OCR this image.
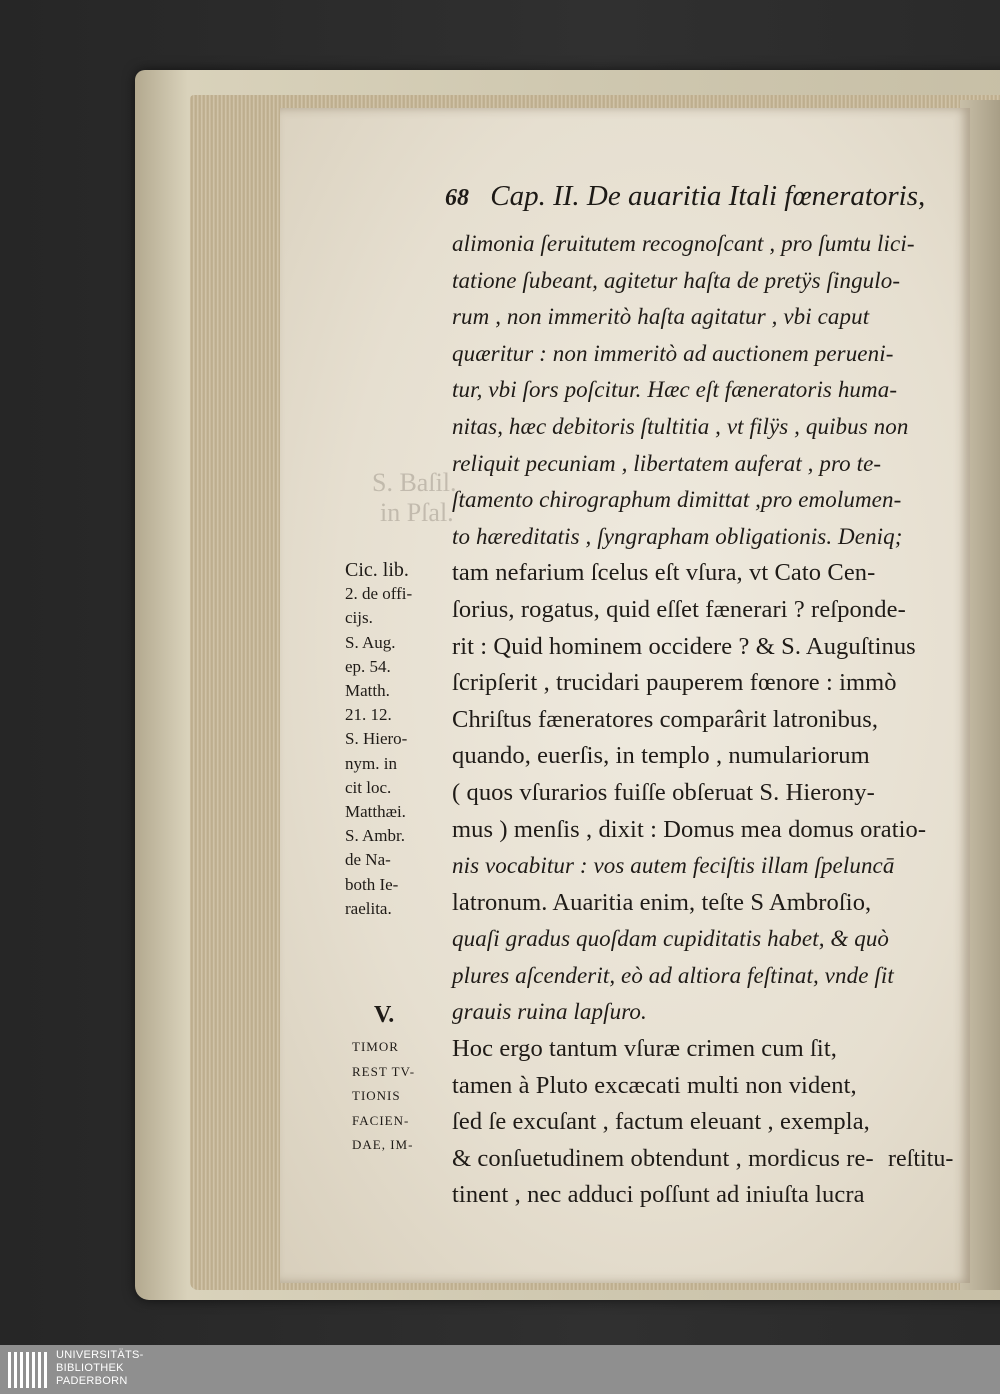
S. Baſil.
in Pſal.
68 Cap. II. De auaritia Itali fœneratoris,
alimonia ſeruitutem recognoſcant , pro ſumtu lici-
tatione ſubeant, agitetur haſta de pretÿs ſingulo-
rum , non immeritò haſta agitatur , vbi caput
quæritur : non immeritò ad auctionem perueni-
tur, vbi ſors poſcitur. Hæc eſt fæneratoris huma-
nitas, hæc debitoris ſtultitia , vt filÿs , quibus non
reliquit pecuniam , libertatem auferat , pro te-
ſtamento chirographum dimittat ,pro emolumen-
to hæreditatis , ſyngrapham obligationis. Deniq;
tam nefarium ſcelus eſt vſura, vt Cato Cen-
ſorius, rogatus, quid eſſet fænerari ? reſponde-
rit : Quid hominem occidere ? & S. Auguſtinus
ſcripſerit , trucidari pauperem fœnore : immò
Chriſtus fæneratores comparârit latronibus,
quando, euerſis, in templo , numulariorum
( quos vſurarios fuiſſe obſeruat S. Hierony-
mus ) menſis , dixit : Domus mea domus oratio-
nis vocabitur : vos autem feciſtis illam ſpeluncā
latronum. Auaritia enim, teſte S Ambroſio,
quaſi gradus quoſdam cupiditatis habet, & quò
plures aſcenderit, eò ad altiora feſtinat, vnde ſit
grauis ruina lapſuro.
Hoc ergo tantum vſuræ crimen cum ſit,
tamen à Pluto excæcati multi non vident,
ſed ſe excuſant , factum eleuant , exempla,
& conſuetudinem obtendunt , mordicus re-
tinent , nec adduci poſſunt ad iniuſta lucra
Cic. lib.
2. de offi-
cijs.
S. Aug.
ep. 54.
Matth.
21. 12.
S. Hiero-
nym. in
cit loc.
Matthæi.
S. Ambr.
de Na-
both Ie-
raelita.
V.
TIMOR
REST TV-
TIONIS
FACIEN-
DAE, IM-
reſtitu-
UNIVERSITÄTS-
BIBLIOTHEK
PADERBORN
